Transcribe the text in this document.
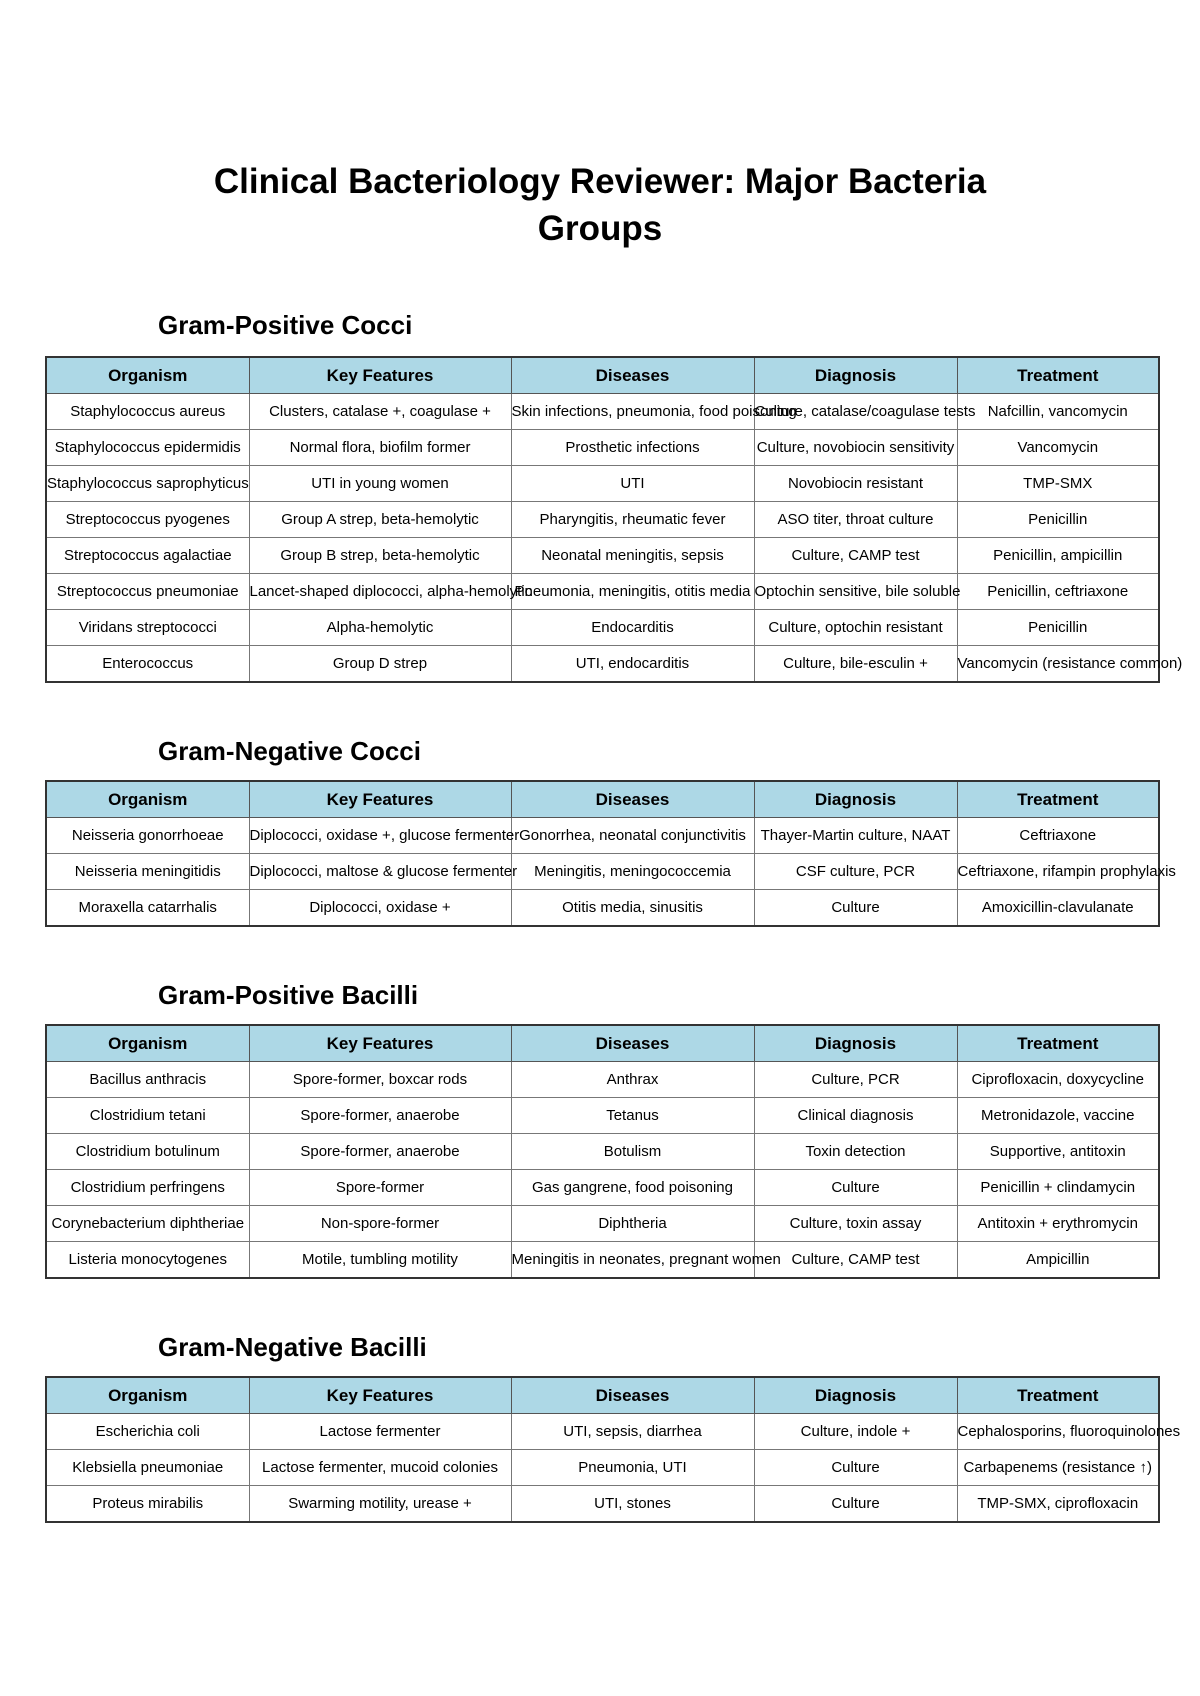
Clinical Bacteriology Reviewer: Major Bacteria Groups
Gram-Positive Cocci
Organism	Key Features	Diseases	Diagnosis	Treatment
Staphylococcus aureus	Clusters, catalase +, coagulase +	Skin infections, pneumonia, food poisoning	Culture, catalase/coagulase tests	Nafcillin, vancomycin
Staphylococcus epidermidis	Normal flora, biofilm former	Prosthetic infections	Culture, novobiocin sensitivity	Vancomycin
Staphylococcus saprophyticus	UTI in young women	UTI	Novobiocin resistant	TMP-SMX
Streptococcus pyogenes	Group A strep, beta-hemolytic	Pharyngitis, rheumatic fever	ASO titer, throat culture	Penicillin
Streptococcus agalactiae	Group B strep, beta-hemolytic	Neonatal meningitis, sepsis	Culture, CAMP test	Penicillin, ampicillin
Streptococcus pneumoniae	Lancet-shaped diplococci, alpha-hemolytic	Pneumonia, meningitis, otitis media	Optochin sensitive, bile soluble	Penicillin, ceftriaxone
Viridans streptococci	Alpha-hemolytic	Endocarditis	Culture, optochin resistant	Penicillin
Enterococcus	Group D strep	UTI, endocarditis	Culture, bile-esculin +	Vancomycin (resistance common)
Gram-Negative Cocci
Organism	Key Features	Diseases	Diagnosis	Treatment
Neisseria gonorrhoeae	Diplococci, oxidase +, glucose fermenter	Gonorrhea, neonatal conjunctivitis	Thayer-Martin culture, NAAT	Ceftriaxone
Neisseria meningitidis	Diplococci, maltose & glucose fermenter	Meningitis, meningococcemia	CSF culture, PCR	Ceftriaxone, rifampin prophylaxis
Moraxella catarrhalis	Diplococci, oxidase +	Otitis media, sinusitis	Culture	Amoxicillin-clavulanate
Gram-Positive Bacilli
Organism	Key Features	Diseases	Diagnosis	Treatment
Bacillus anthracis	Spore-former, boxcar rods	Anthrax	Culture, PCR	Ciprofloxacin, doxycycline
Clostridium tetani	Spore-former, anaerobe	Tetanus	Clinical diagnosis	Metronidazole, vaccine
Clostridium botulinum	Spore-former, anaerobe	Botulism	Toxin detection	Supportive, antitoxin
Clostridium perfringens	Spore-former	Gas gangrene, food poisoning	Culture	Penicillin + clindamycin
Corynebacterium diphtheriae	Non-spore-former	Diphtheria	Culture, toxin assay	Antitoxin + erythromycin
Listeria monocytogenes	Motile, tumbling motility	Meningitis in neonates, pregnant women	Culture, CAMP test	Ampicillin
Gram-Negative Bacilli
Organism	Key Features	Diseases	Diagnosis	Treatment
Escherichia coli	Lactose fermenter	UTI, sepsis, diarrhea	Culture, indole +	Cephalosporins, fluoroquinolones
Klebsiella pneumoniae	Lactose fermenter, mucoid colonies	Pneumonia, UTI	Culture	Carbapenems (resistance ↑)
Proteus mirabilis	Swarming motility, urease +	UTI, stones	Culture	TMP-SMX, ciprofloxacin
